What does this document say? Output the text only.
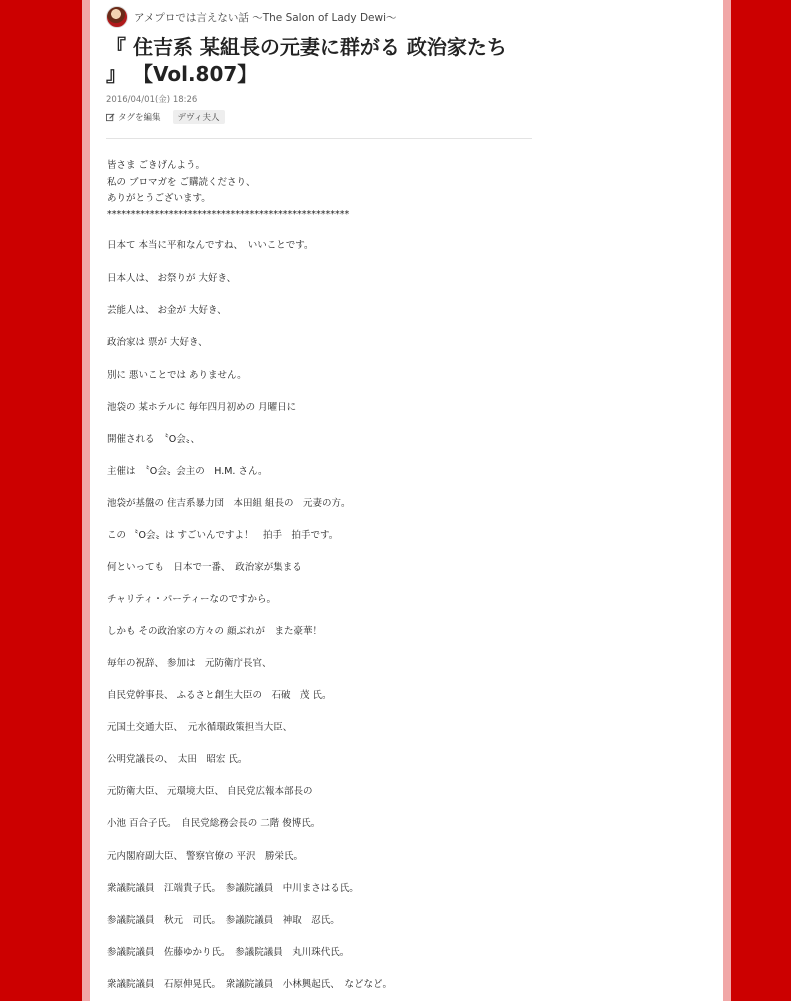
アメプロでは言えない話 ～The Salon of Lady Dewi～
『 住吉系 某組長の元妻に群がる 政治家たち 』 【Vol.807】
2016/04/01(金) 18:26
タグを編集	デヴィ夫人
皆さま ごきげんよう。
私の ブロマガを ご購読くださり、
ありがとうございます。
***************************************************
日本て 本当に平和なんですね、　いいことです。
日本人は、 お祭りが 大好き、
芸能人は、 お金が 大好き、
政治家は 票が 大好き、
別に 悪いことでは ありません。
池袋の 某ホテルに 毎年四月初めの 月曜日に
開催される　〝O会〟、
主催は　〝O会〟会主の　H.M. さん。
池袋が基盤の 住吉系暴力団　本田組 組長の　元妻の方。
この 〝O会〟は すごいんですよ！　拍手　拍手です。
何といっても　日本で一番、　政治家が集まる
チャリティ・パーティーなのですから。
しかも その政治家の方々の 顔ぶれが　また豪華！
毎年の祝辞、 参加は　元防衛庁長官、
自民党幹事長、 ふるさと創生大臣の　石破　茂 氏。
元国土交通大臣、　元水循環政策担当大臣、
公明党議長の、　太田　昭宏 氏。
元防衛大臣、 元環境大臣、 自民党広報本部長の
小池 百合子氏。　自民党総務会長の 二階 俊博氏。
元内閣府副大臣、 警察官僚の 平沢　勝栄氏。
衆議院議員　江端貴子氏。　参議院議員　中川まさはる氏。
参議院議員　秋元　司氏。　参議院議員　神取　忍氏。
参議院議員　佐藤ゆかり氏。　参議院議員　丸川珠代氏。
衆議院議員　石原伸晃氏。　衆議院議員　小林興起氏、　などなど。
